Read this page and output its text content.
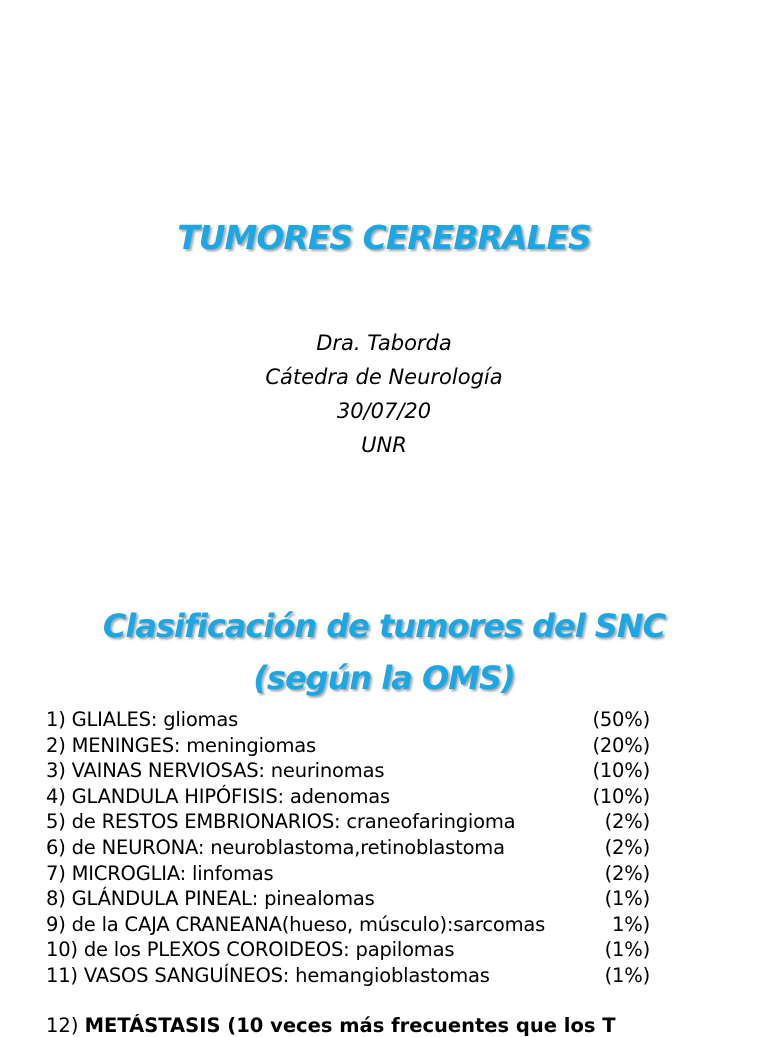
TUMORES CEREBRALES
Dra. Taborda
Cátedra de Neurología
30/07/20
UNR
Clasificación de tumores del SNC
(según la OMS)
1) GLIALES: gliomas	(50%)
2) MENINGES: meningiomas	(20%)
3) VAINAS NERVIOSAS: neurinomas	(10%)
4) GLANDULA HIPÓFISIS: adenomas	(10%)
5) de RESTOS EMBRIONARIOS: craneofaringioma	(2%)
6) de NEURONA: neuroblastoma,retinoblastoma	(2%)
7) MICROGLIA: linfomas	(2%)
8) GLÁNDULA PINEAL: pinealomas	(1%)
9) de la CAJA CRANEANA(hueso, músculo):sarcomas	1%)
10) de los PLEXOS COROIDEOS: papilomas	(1%)
11) VASOS SANGUÍNEOS: hemangioblastomas	(1%)
12) METÁSTASIS (10 veces más frecuentes que los T
